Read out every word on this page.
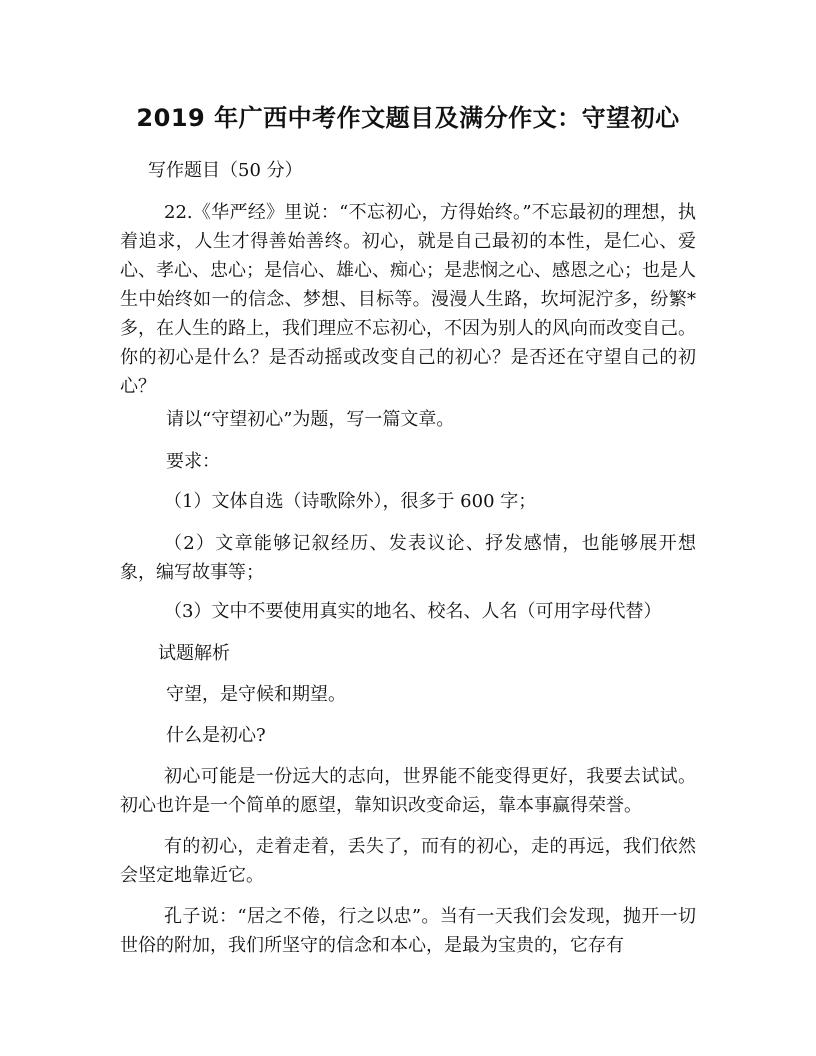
2019 年广西中考作文题目及满分作文：守望初心

写作题目（50 分）

22.《华严经》里说：“不忘初心，方得始终。”不忘最初的理想，执着追求，人生才得善始善终。初心，就是自己最初的本性，是仁心、爱心、孝心、忠心；是信心、雄心、痴心；是悲悯之心、感恩之心；也是人生中始终如一的信念、梦想、目标等。漫漫人生路，坎坷泥泞多，纷繁*多，在人生的路上，我们理应不忘初心，不因为别人的风向而改变自己。你的初心是什么？是否动摇或改变自己的初心？是否还在守望自己的初心？

请以“守望初心”为题，写一篇文章。

要求：

（1）文体自选（诗歌除外），很多于 600 字；

（2）文章能够记叙经历、发表议论、抒发感情，也能够展开想象，编写故事等；

（3）文中不要使用真实的地名、校名、人名（可用字母代替）

试题解析

守望，是守候和期望。

什么是初心?

初心可能是一份远大的志向，世界能不能变得更好，我要去试试。初心也许是一个简单的愿望，靠知识改变命运，靠本事赢得荣誉。

有的初心，走着走着，丢失了，而有的初心，走的再远，我们依然会坚定地靠近它。

孔子说：“居之不倦，行之以忠”。当有一天我们会发现，抛开一切世俗的附加，我们所坚守的信念和本心，是最为宝贵的，它存有
